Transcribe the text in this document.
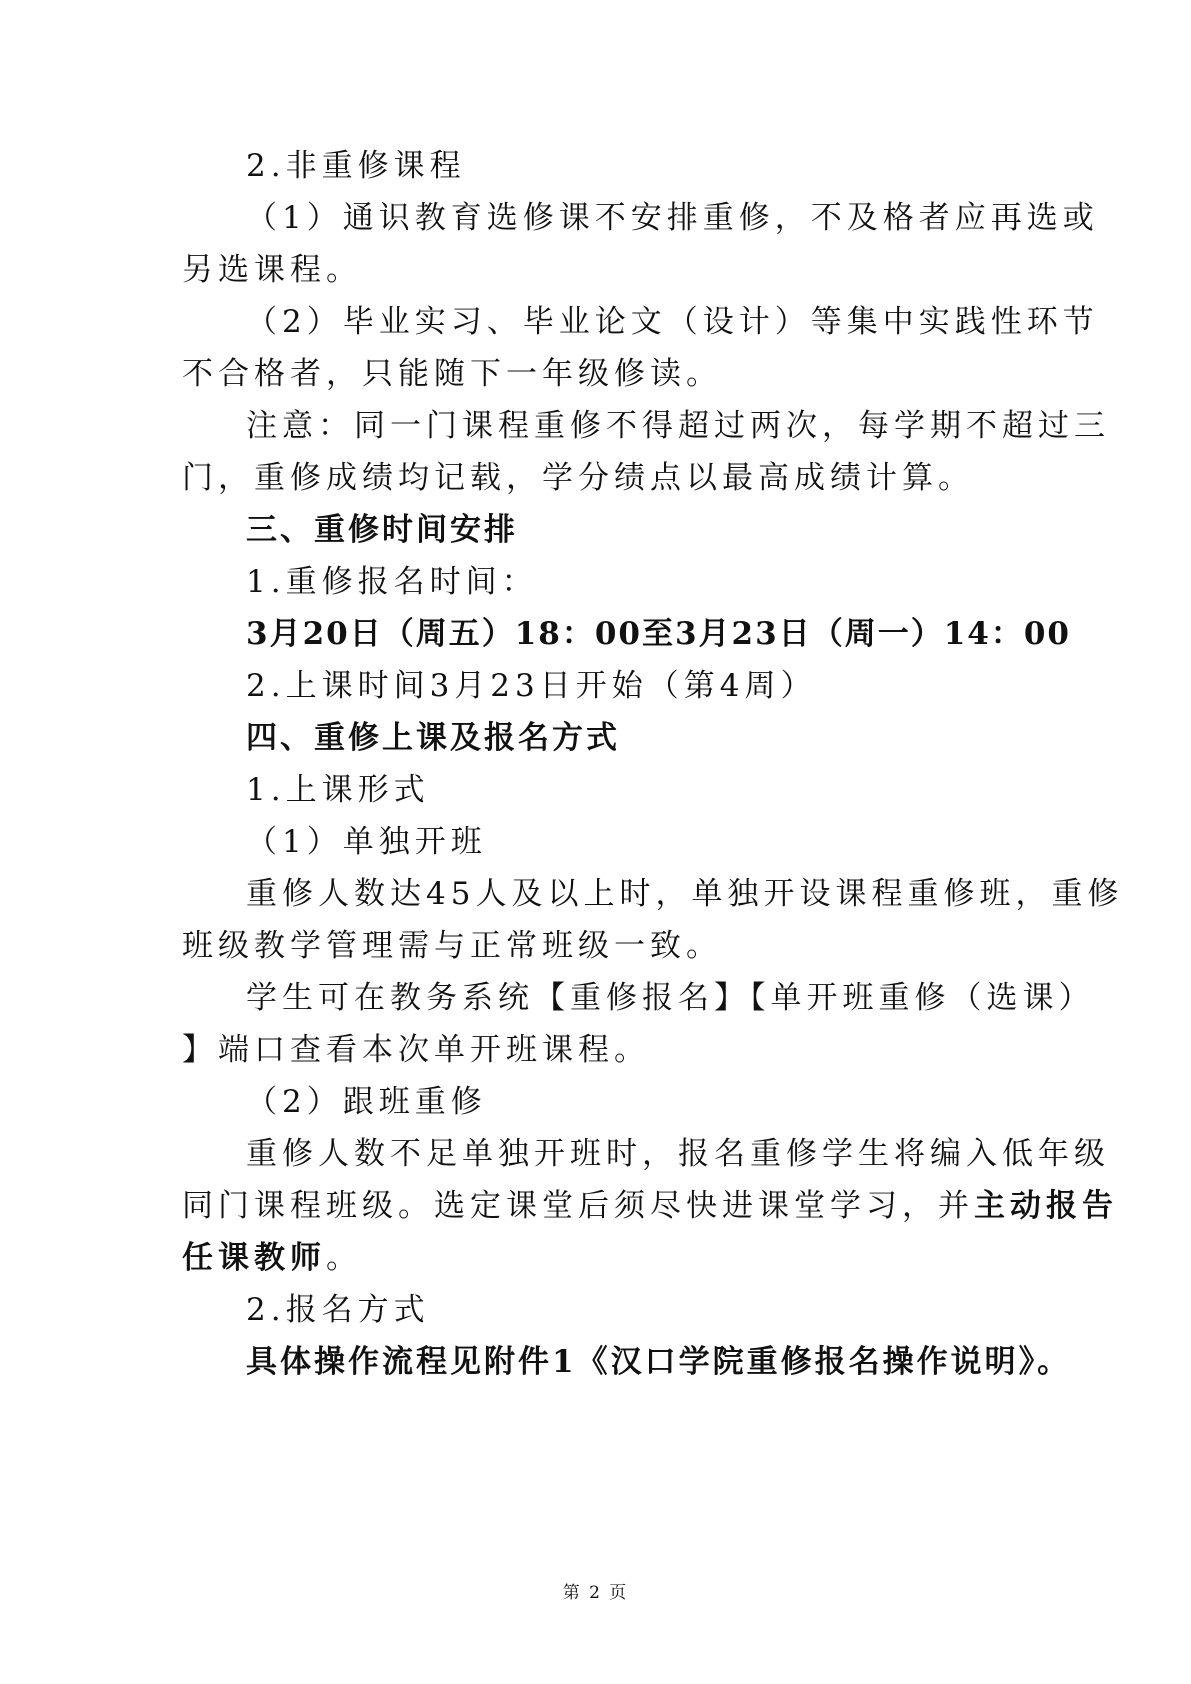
2.非重修课程
（1）通识教育选修课不安排重修，不及格者应再选或
另选课程。
（2）毕业实习、毕业论文（设计）等集中实践性环节
不合格者，只能随下一年级修读。
注意：同一门课程重修不得超过两次，每学期不超过三
门，重修成绩均记载，学分绩点以最高成绩计算。
三、重修时间安排
1.重修报名时间：
3月20日（周五）18：00至3月23日（周一）14：00
2.上课时间3月23日开始（第4周）
四、重修上课及报名方式
1.上课形式
（1）单独开班
重修人数达45人及以上时，单独开设课程重修班，重修
班级教学管理需与正常班级一致。
学生可在教务系统【重修报名】【单开班重修（选课）
】端口查看本次单开班课程。
（2）跟班重修
重修人数不足单独开班时，报名重修学生将编入低年级
同门课程班级。选定课堂后须尽快进课堂学习，并主动报告
任课教师。
2.报名方式
具体操作流程见附件1《汉口学院重修报名操作说明》。
第 2 页
